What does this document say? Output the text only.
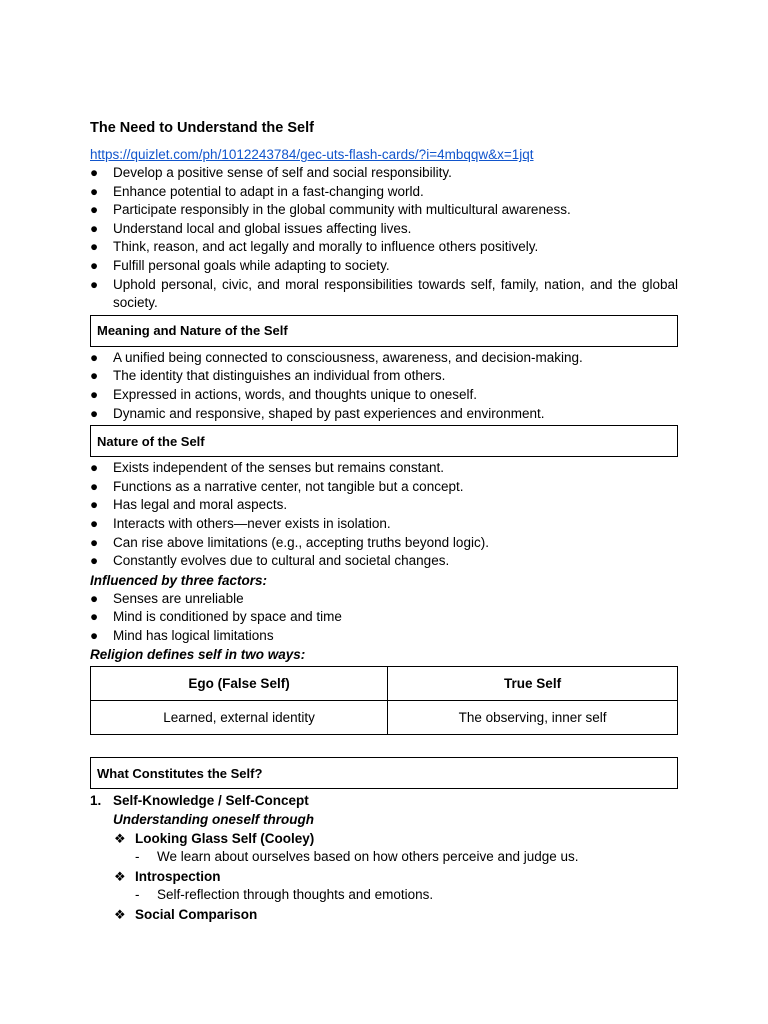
The Need to Understand the Self
https://quizlet.com/ph/1012243784/gec-uts-flash-cards/?i=4mbqqw&x=1jqt
● Develop a positive sense of self and social responsibility.
● Enhance potential to adapt in a fast-changing world.
● Participate responsibly in the global community with multicultural awareness.
● Understand local and global issues affecting lives.
● Think, reason, and act legally and morally to influence others positively.
● Fulfill personal goals while adapting to society.
● Uphold personal, civic, and moral responsibilities towards self, family, nation, and the global society.
Meaning and Nature of the Self
● A unified being connected to consciousness, awareness, and decision-making.
● The identity that distinguishes an individual from others.
● Expressed in actions, words, and thoughts unique to oneself.
● Dynamic and responsive, shaped by past experiences and environment.
Nature of the Self
● Exists independent of the senses but remains constant.
● Functions as a narrative center, not tangible but a concept.
● Has legal and moral aspects.
● Interacts with others—never exists in isolation.
● Can rise above limitations (e.g., accepting truths beyond logic).
● Constantly evolves due to cultural and societal changes.
Influenced by three factors:
● Senses are unreliable
● Mind is conditioned by space and time
● Mind has logical limitations
Religion defines self in two ways:
Ego (False Self)	True Self
Learned, external identity	The observing, inner self
What Constitutes the Self?
1. Self-Knowledge / Self-Concept
Understanding oneself through
❖ Looking Glass Self (Cooley)
- We learn about ourselves based on how others perceive and judge us.
❖ Introspection
- Self-reflection through thoughts and emotions.
❖ Social Comparison
